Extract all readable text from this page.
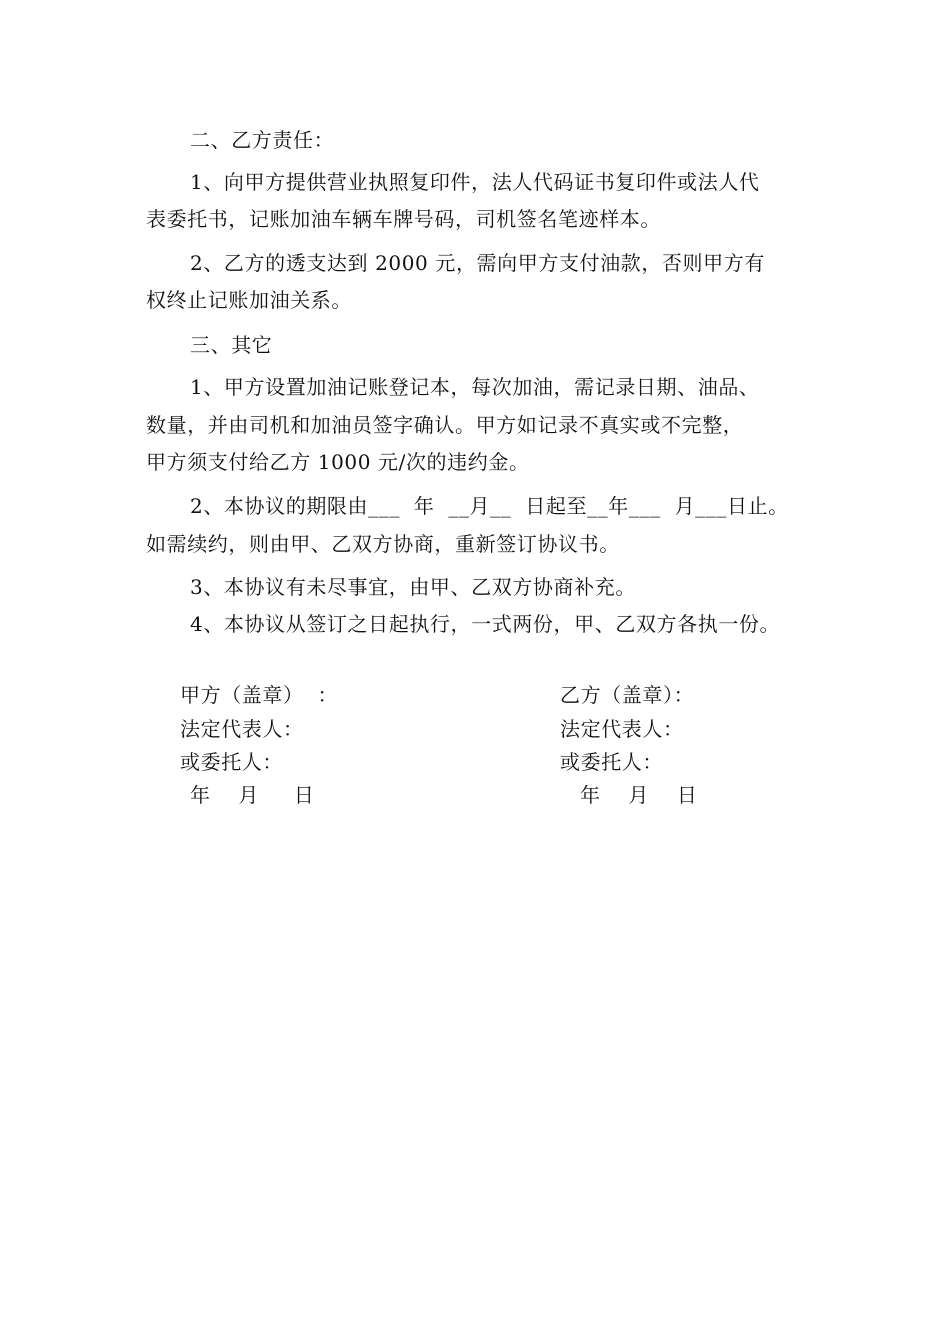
二、乙方责任：
1、向甲方提供营业执照复印件，法人代码证书复印件或法人代
表委托书，记账加油车辆车牌号码，司机签名笔迹样本。
2、乙方的透支达到 2000 元，需向甲方支付油款，否则甲方有
权终止记账加油关系。
三、其它
1、甲方设置加油记账登记本，每次加油，需记录日期、油品、
数量，并由司机和加油员签字确认。甲方如记录不真实或不完整，
甲方须支付给乙方 1000 元/次的违约金。
2、本协议的期限由___  年  __月__  日起至__年___  月___日止。
如需续约，则由甲、乙双方协商，重新签订协议书。
3、本协议有未尽事宜，由甲、乙双方协商补充。
4、本协议从签订之日起执行，一式两份，甲、乙双方各执一份。
甲方（盖章）  ：
法定代表人：
或委托人：
年    月     日
乙方（盖章）：
法定代表人：
或委托人：
年    月    日
